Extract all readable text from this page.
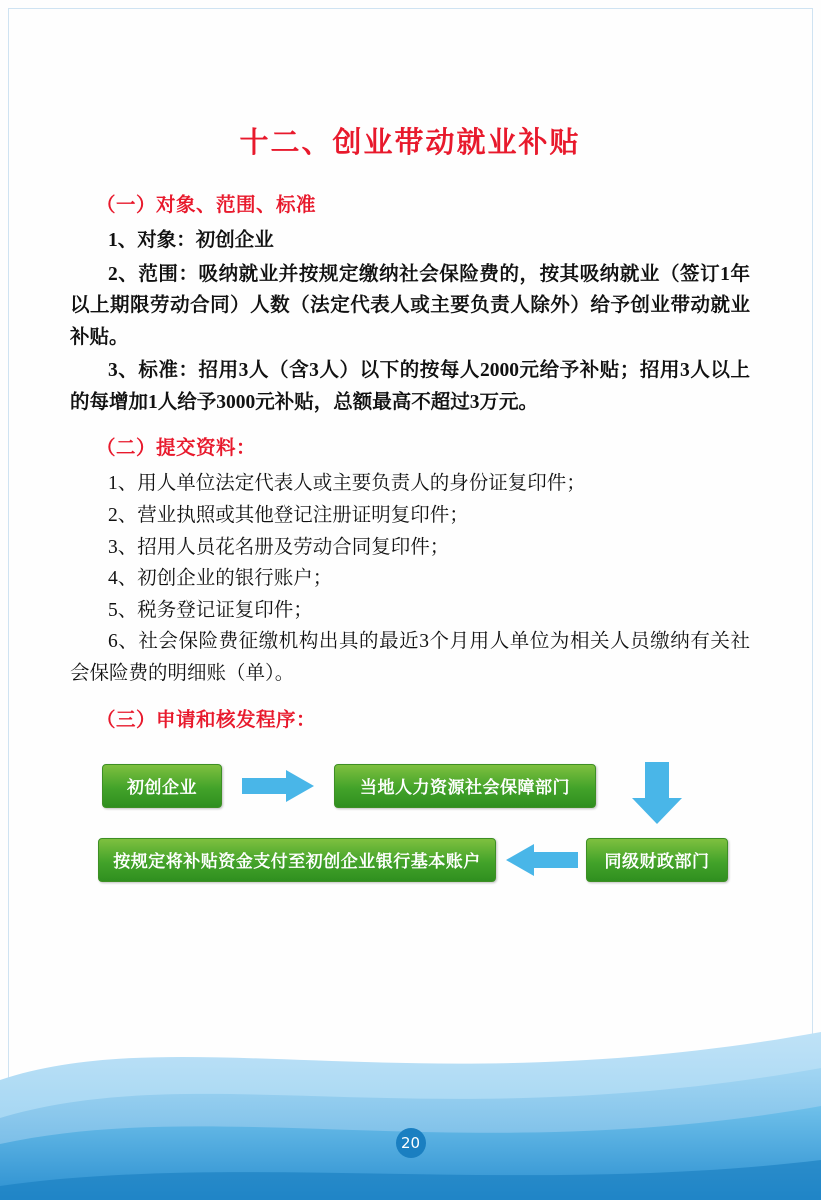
十二、创业带动就业补贴
（一）对象、范围、标准

1、对象：初创企业

2、范围：吸纳就业并按规定缴纳社会保险费的，按其吸纳就业（签订1年以上期限劳动合同）人数（法定代表人或主要负责人除外）给予创业带动就业补贴。

3、标准：招用3人（含3人）以下的按每人2000元给予补贴；招用3人以上的每增加1人给予3000元补贴，总额最高不超过3万元。

（二）提交资料：

1、用人单位法定代表人或主要负责人的身份证复印件；

2、营业执照或其他登记注册证明复印件；

3、招用人员花名册及劳动合同复印件；

4、初创企业的银行账户；

5、税务登记证复印件；

6、社会保险费征缴机构出具的最近3个月用人单位为相关人员缴纳有关社会保险费的明细账（单）。

（三）申请和核发程序：
初创企业	当地人力资源社会保障部门
同级财政部门
按规定将补贴资金支付至初创企业银行基本账户
20
